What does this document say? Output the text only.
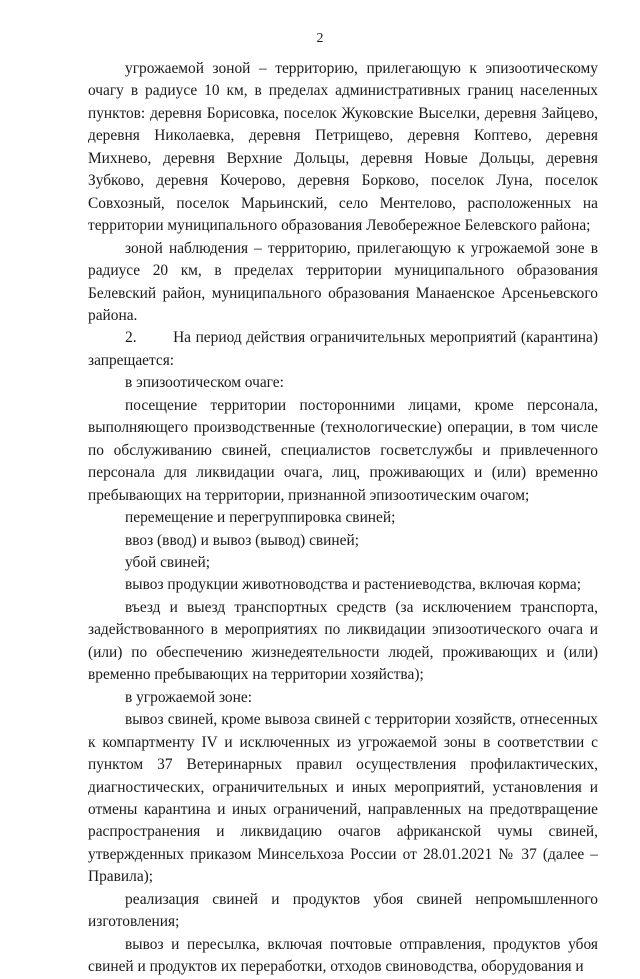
2

угрожаемой зоной – территорию, прилегающую к эпизоотическому очагу в радиусе 10 км, в пределах административных границ населенных пунктов: деревня Борисовка, поселок Жуковские Выселки, деревня Зайцево, деревня Николаевка, деревня Петрищево, деревня Коптево, деревня Михнево, деревня Верхние Дольцы, деревня Новые Дольцы, деревня Зубково, деревня Кочерово, деревня Борково, поселок Луна, поселок Совхозный, поселок Марьинский, село Ментелово, расположенных на территории муниципального образования Левобережное Белевского района;

зоной наблюдения – территорию, прилегающую к угрожаемой зоне в радиусе 20 км, в пределах территории муниципального образования Белевский район, муниципального образования Манаенское Арсеньевского района.

2.        На период действия ограничительных мероприятий (карантина) запрещается:

в эпизоотическом очаге:

посещение территории посторонними лицами, кроме персонала, выполняющего производственные (технологические) операции, в том числе по обслуживанию свиней, специалистов госветслужбы и привлеченного персонала для ликвидации очага, лиц, проживающих и (или) временно пребывающих на территории, признанной эпизоотическим очагом;

перемещение и перегруппировка свиней;

ввоз (ввод) и вывоз (вывод) свиней;

убой свиней;

вывоз продукции животноводства и растениеводства, включая корма;

въезд и выезд транспортных средств (за исключением транспорта, задействованного в мероприятиях по ликвидации эпизоотического очага и (или) по обеспечению жизнедеятельности людей, проживающих и (или) временно пребывающих на территории хозяйства);

в угрожаемой зоне:

вывоз свиней, кроме вывоза свиней с территории хозяйств, отнесенных к компартменту IV и исключенных из угрожаемой зоны в соответствии с пунктом 37 Ветеринарных правил осуществления профилактических, диагностических, ограничительных и иных мероприятий, установления и отмены карантина и иных ограничений, направленных на предотвращение распространения и ликвидацию очагов африканской чумы свиней, утвержденных приказом Минсельхоза России от 28.01.2021 № 37 (далее – Правила);

реализация свиней и продуктов убоя свиней непромышленного изготовления;

вывоз и пересылка, включая почтовые отправления, продуктов убоя свиней и продуктов их переработки, отходов свиноводства, оборудования и
